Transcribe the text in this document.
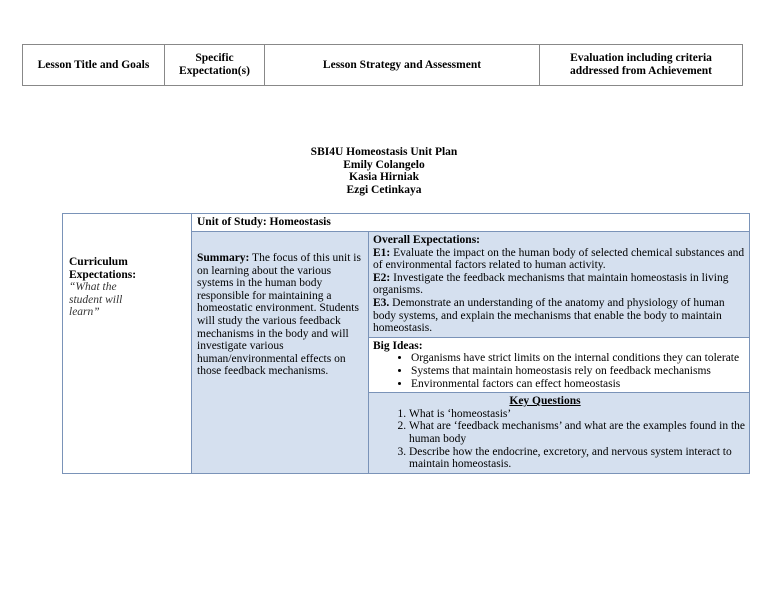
Lesson Title and Goals
Specific Expectation(s)
Lesson Strategy and Assessment
Evaluation including criteria addressed from Achievement
SBI4U Homeostasis Unit Plan
Emily Colangelo
Kasia Hirniak
Ezgi Cetinkaya
Unit of Study: Homeostasis
Curriculum Expectations:
“What the student will learn”
Summary: The focus of this unit is on learning about the various systems in the human body responsible for maintaining a homeostatic environment. Students will study the various feedback mechanisms in the body and will investigate various human/environmental effects on those feedback mechanisms.
Overall Expectations:
E1: Evaluate the impact on the human body of selected chemical substances and of environmental factors related to human activity.
E2: Investigate the feedback mechanisms that maintain homeostasis in living organisms.
E3. Demonstrate an understanding of the anatomy and physiology of human body systems, and explain the mechanisms that enable the body to maintain homeostasis.
Big Ideas:
• Organisms have strict limits on the internal conditions they can tolerate
• Systems that maintain homeostasis rely on feedback mechanisms
• Environmental factors can effect homeostasis
Key Questions
1. What is ‘homeostasis’
2. What are ‘feedback mechanisms’ and what are the examples found in the human body
3. Describe how the endocrine, excretory, and nervous system interact to maintain homeostasis.
